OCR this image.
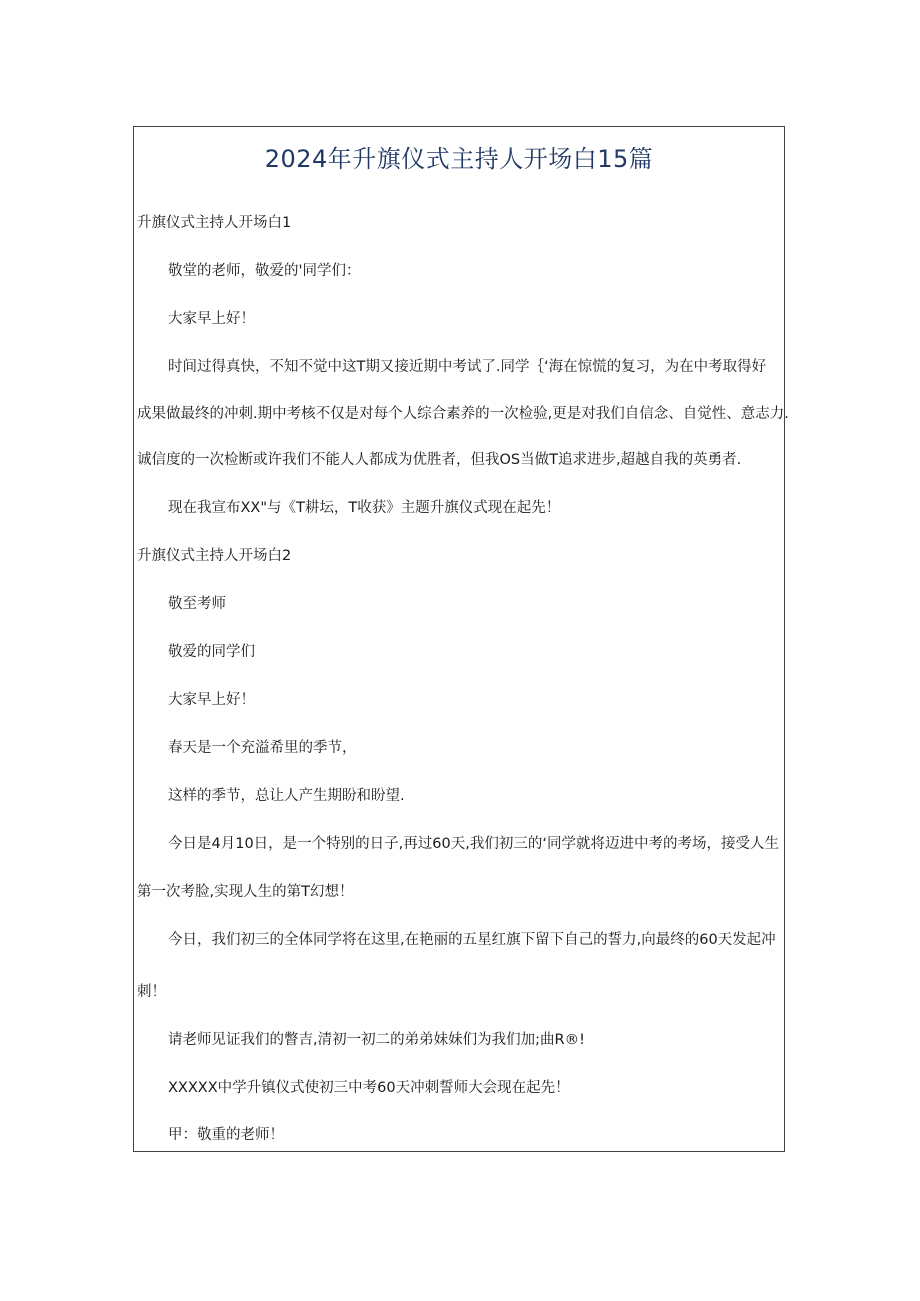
2024年升旗仪式主持人开场白15篇

升旗仪式主持人开场白1

敬堂的老师，敬爱的'同学们：

大家早上好！

时间过得真快，不知不觉中这T期又接近期中考试了.同学｛‘海在惊慌的复习，为在中考取得好

成果做最终的冲刺.期中考核不仅是对每个人综合素养的一次检验,更是对我们自信念、自觉性、意志力.

诚信度的一次检断或许我们不能人人都成为优胜者，但我OS当做T追求进步,超越自我的英勇者.

现在我宣布XX"与《T耕坛，T收获》主题升旗仪式现在起先！

升旗仪式主持人开场白2

敬至考师

敬爱的同学们

大家早上好！

春天是一个充溢希里的季节，

这样的季节，总让人产生期盼和盼望.

今日是4月10日，是一个特别的日子,再过60天,我们初三的‘同学就将迈进中考的考场，接受人生

第一次考脸,实现人生的第T幻想！

今日，我们初三的全体同学将在这里,在艳丽的五星红旗下留下自己的誓力,向最终的60天发起冲

刺！

请老师见证我们的瞥吉,清初一初二的弟弟妹妹们为我们加;曲R®!

XXXXX中学升镇仪式使初三中考60天冲刺誓师大会现在起先！

甲：敬重的老师！
